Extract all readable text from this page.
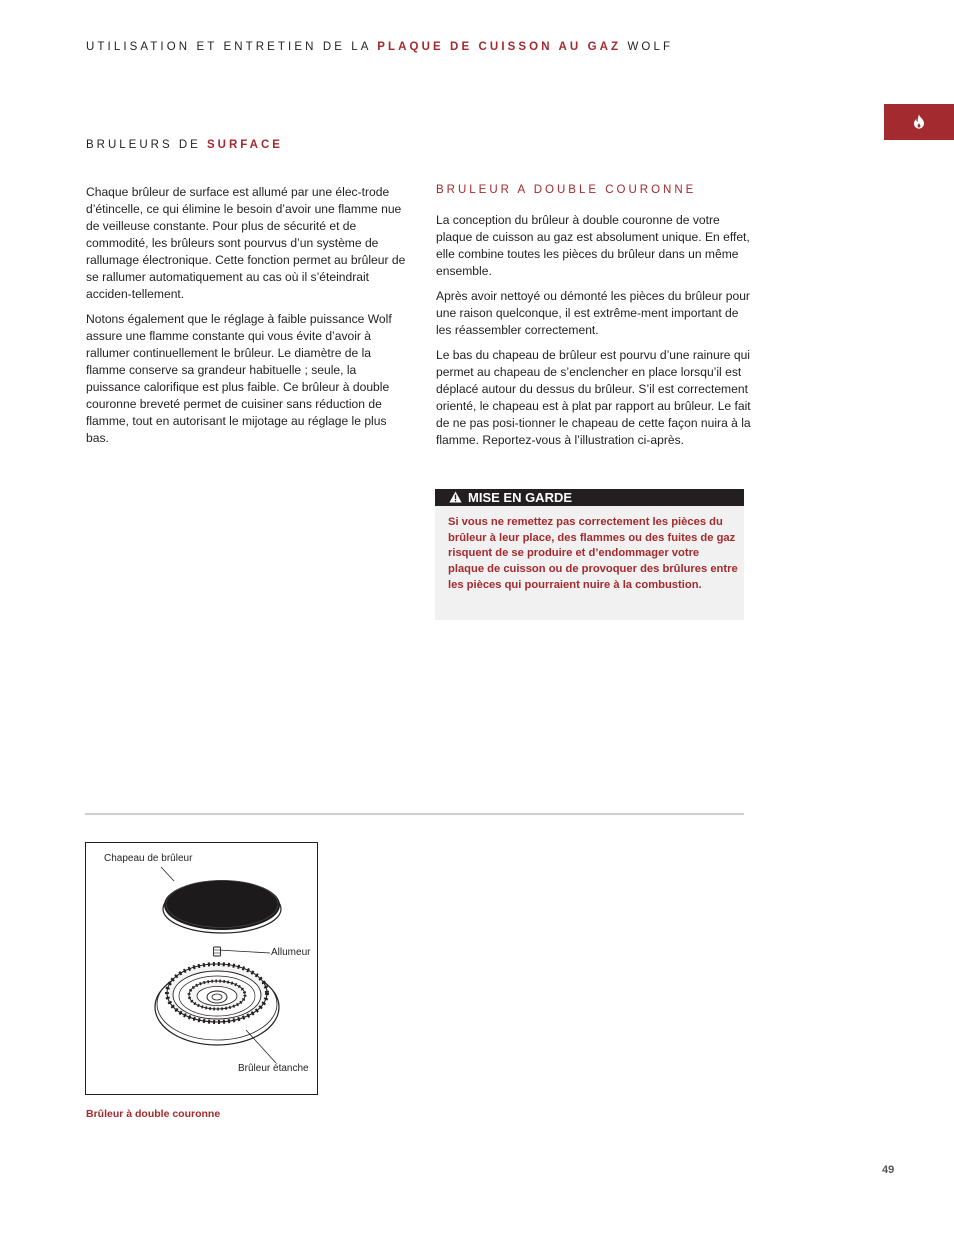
UTILISATION ET ENTRETIEN DE LA PLAQUE DE CUISSON AU GAZ WOLF
BRULEURS DE SURFACE

Chaque brûleur de surface est allumé par une élec-trode d’étincelle, ce qui élimine le besoin d’avoir une flamme nue de veilleuse constante. Pour plus de sécurité et de commodité, les brûleurs sont pourvus d’un système de rallumage électronique. Cette fonction permet au brûleur de se rallumer automatiquement au cas où il s’éteindrait acciden-tellement.

Notons également que le réglage à faible puissance Wolf assure une flamme constante qui vous évite d’avoir à rallumer continuellement le brûleur. Le diamètre de la flamme conserve sa grandeur habituelle ; seule, la puissance calorifique est plus faible. Ce brûleur à double couronne breveté permet de cuisiner sans réduction de flamme, tout en autorisant le mijotage au réglage le plus bas.

BRULEUR A DOUBLE COURONNE

La conception du brûleur à double couronne de votre plaque de cuisson au gaz est absolument unique. En effet, elle combine toutes les pièces du brûleur dans un même ensemble.

Après avoir nettoyé ou démonté les pièces du brûleur pour une raison quelconque, il est extrême-ment important de les réassembler correctement.

Le bas du chapeau de brûleur est pourvu d’une rainure qui permet au chapeau de s’enclencher en place lorsqu’il est déplacé autour du dessus du brûleur. S’il est correctement orienté, le chapeau est à plat par rapport au brûleur. Le fait de ne pas posi-tionner le chapeau de cette façon nuira à la flamme. Reportez-vous à l’illustration ci-après.

MISE EN GARDE

Si vous ne remettez pas correctement les pièces du brûleur à leur place, des flammes ou des fuites de gaz risquent de se produire et d’endommager votre plaque de cuisson ou de provoquer des brûlures entre les pièces qui pourraient nuire à la combustion.

Chapeau de brûleur
Allumeur
Brûleur étanche
Brûleur à double couronne
49
